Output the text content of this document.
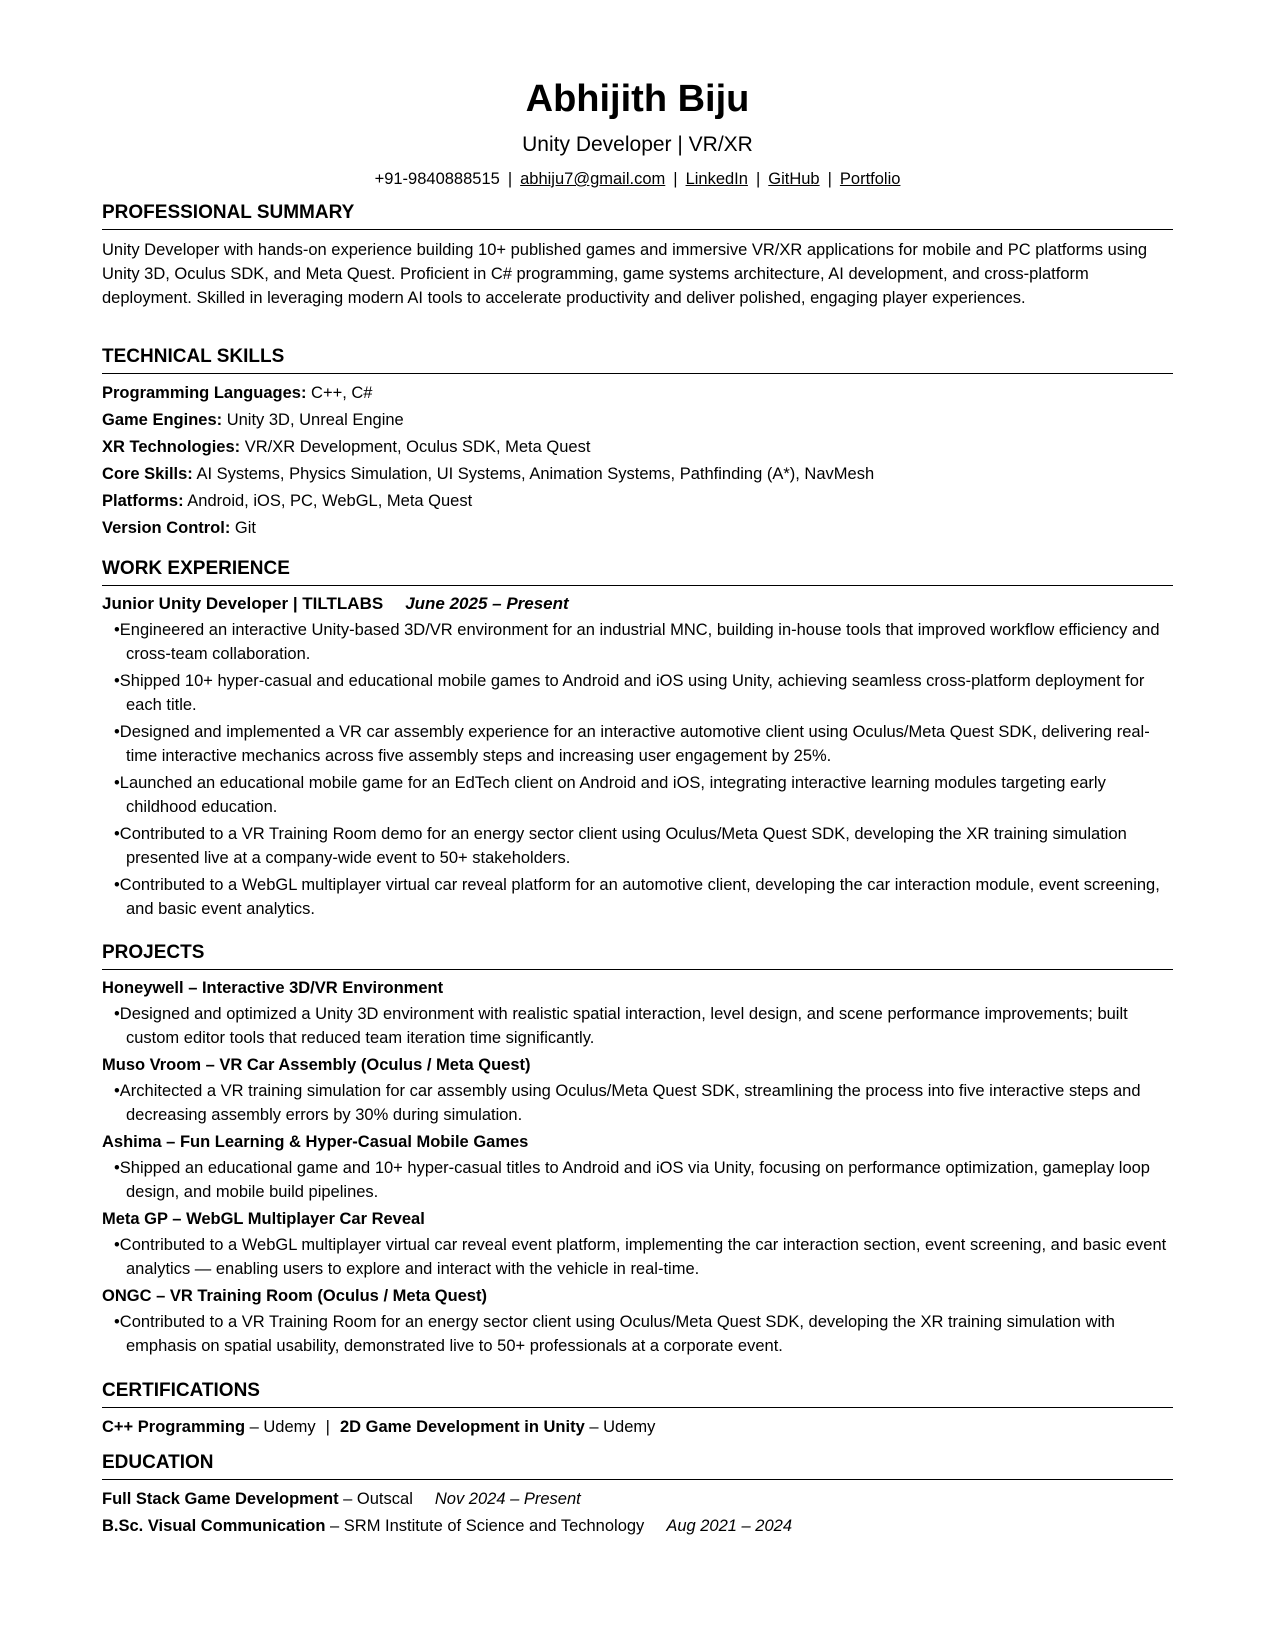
Abhijith Biju
Unity Developer | VR/XR
+91-9840888515 | abhiju7@gmail.com | LinkedIn | GitHub | Portfolio
PROFESSIONAL SUMMARY
Unity Developer with hands-on experience building 10+ published games and immersive VR/XR applications for mobile and PC platforms using Unity 3D, Oculus SDK, and Meta Quest. Proficient in C# programming, game systems architecture, AI development, and cross-platform deployment. Skilled in leveraging modern AI tools to accelerate productivity and deliver polished, engaging player experiences.
TECHNICAL SKILLS
Programming Languages: C++, C#
Game Engines: Unity 3D, Unreal Engine
XR Technologies: VR/XR Development, Oculus SDK, Meta Quest
Core Skills: AI Systems, Physics Simulation, UI Systems, Animation Systems, Pathfinding (A*), NavMesh
Platforms: Android, iOS, PC, WebGL, Meta Quest
Version Control: Git
WORK EXPERIENCE
Junior Unity Developer | TILTLABS June 2025 – Present
• Engineered an interactive Unity-based 3D/VR environment for an industrial MNC, building in-house tools that improved workflow efficiency and cross-team collaboration.
• Shipped 10+ hyper-casual and educational mobile games to Android and iOS using Unity, achieving seamless cross-platform deployment for each title.
• Designed and implemented a VR car assembly experience for an interactive automotive client using Oculus/Meta Quest SDK, delivering real-time interactive mechanics across five assembly steps and increasing user engagement by 25%.
• Launched an educational mobile game for an EdTech client on Android and iOS, integrating interactive learning modules targeting early childhood education.
• Contributed to a VR Training Room demo for an energy sector client using Oculus/Meta Quest SDK, developing the XR training simulation presented live at a company-wide event to 50+ stakeholders.
• Contributed to a WebGL multiplayer virtual car reveal platform for an automotive client, developing the car interaction module, event screening, and basic event analytics.
PROJECTS
Honeywell – Interactive 3D/VR Environment
• Designed and optimized a Unity 3D environment with realistic spatial interaction, level design, and scene performance improvements; built custom editor tools that reduced team iteration time significantly.
Muso Vroom – VR Car Assembly (Oculus / Meta Quest)
• Architected a VR training simulation for car assembly using Oculus/Meta Quest SDK, streamlining the process into five interactive steps and decreasing assembly errors by 30% during simulation.
Ashima – Fun Learning & Hyper-Casual Mobile Games
• Shipped an educational game and 10+ hyper-casual titles to Android and iOS via Unity, focusing on performance optimization, gameplay loop design, and mobile build pipelines.
Meta GP – WebGL Multiplayer Car Reveal
• Contributed to a WebGL multiplayer virtual car reveal event platform, implementing the car interaction section, event screening, and basic event analytics — enabling users to explore and interact with the vehicle in real-time.
ONGC – VR Training Room (Oculus / Meta Quest)
• Contributed to a VR Training Room for an energy sector client using Oculus/Meta Quest SDK, developing the XR training simulation with emphasis on spatial usability, demonstrated live to 50+ professionals at a corporate event.
CERTIFICATIONS
C++ Programming – Udemy | 2D Game Development in Unity – Udemy
EDUCATION
Full Stack Game Development – Outscal Nov 2024 – Present
B.Sc. Visual Communication – SRM Institute of Science and Technology Aug 2021 – 2024
